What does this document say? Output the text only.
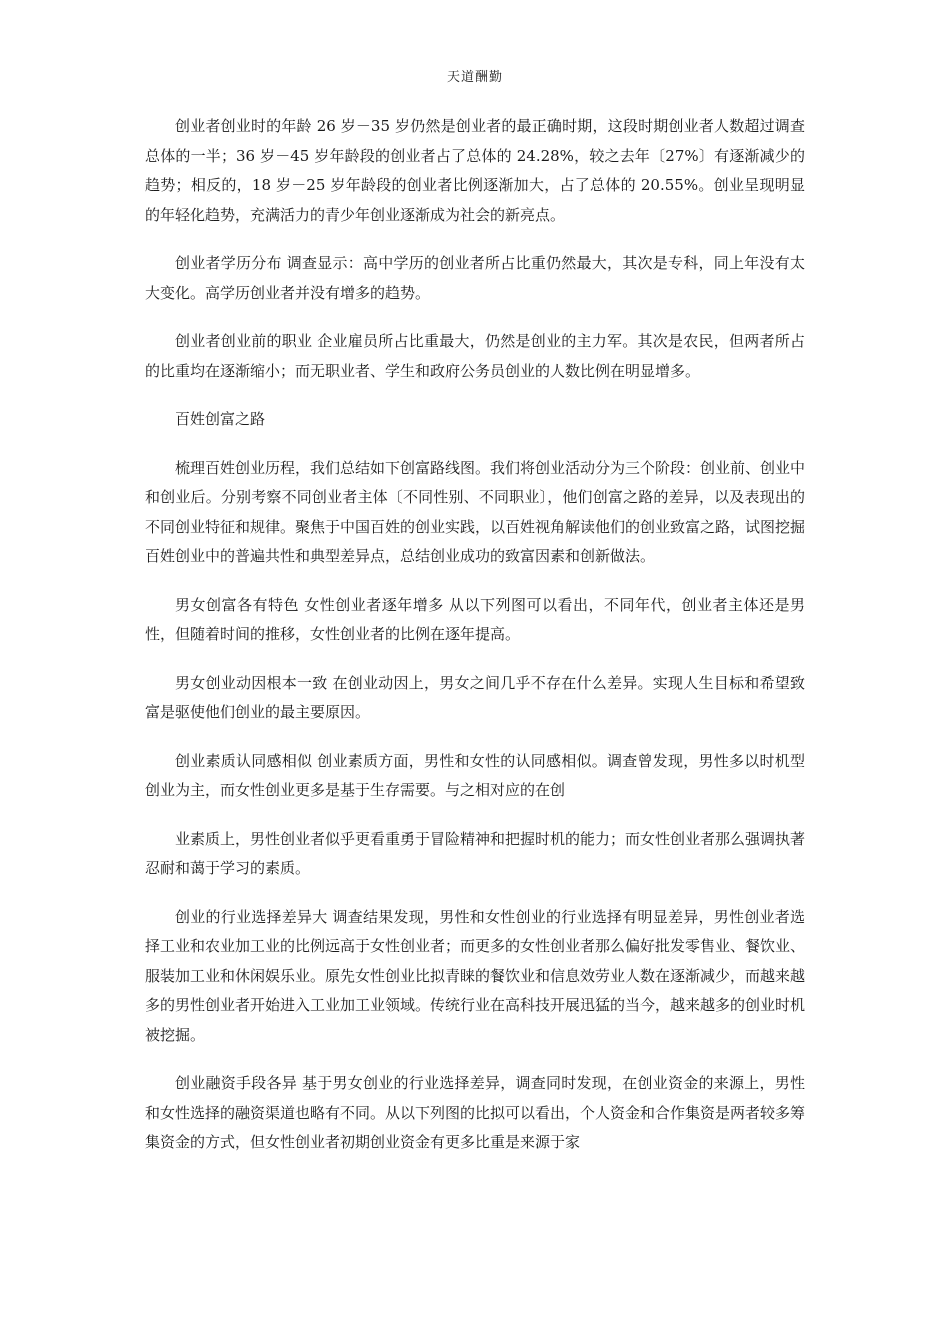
天道酬勤

创业者创业时的年龄 26 岁－35 岁仍然是创业者的最正确时期，这段时期创业者人数超过调查总体的一半；36 岁－45 岁年龄段的创业者占了总体的 24.28%，较之去年〔27%〕有逐渐减少的趋势；相反的，18 岁－25 岁年龄段的创业者比例逐渐加大，占了总体的 20.55%。创业呈现明显的年轻化趋势，充满活力的青少年创业逐渐成为社会的新亮点。

创业者学历分布 调查显示：高中学历的创业者所占比重仍然最大，其次是专科，同上年没有太大变化。高学历创业者并没有增多的趋势。

创业者创业前的职业 企业雇员所占比重最大，仍然是创业的主力军。其次是农民，但两者所占的比重均在逐渐缩小；而无职业者、学生和政府公务员创业的人数比例在明显增多。

百姓创富之路

梳理百姓创业历程，我们总结如下创富路线图。我们将创业活动分为三个阶段：创业前、创业中和创业后。分别考察不同创业者主体〔不同性别、不同职业〕，他们创富之路的差异，以及表现出的不同创业特征和规律。聚焦于中国百姓的创业实践，以百姓视角解读他们的创业致富之路，试图挖掘百姓创业中的普遍共性和典型差异点，总结创业成功的致富因素和创新做法。

男女创富各有特色 女性创业者逐年增多 从以下列图可以看出，不同年代，创业者主体还是男性，但随着时间的推移，女性创业者的比例在逐年提高。

男女创业动因根本一致 在创业动因上，男女之间几乎不存在什么差异。实现人生目标和希望致富是驱使他们创业的最主要原因。

创业素质认同感相似 创业素质方面，男性和女性的认同感相似。调查曾发现，男性多以时机型创业为主，而女性创业更多是基于生存需要。与之相对应的在创

业素质上，男性创业者似乎更看重勇于冒险精神和把握时机的能力；而女性创业者那么强调执著忍耐和蔼于学习的素质。

创业的行业选择差异大 调查结果发现，男性和女性创业的行业选择有明显差异，男性创业者选择工业和农业加工业的比例远高于女性创业者；而更多的女性创业者那么偏好批发零售业、餐饮业、服装加工业和休闲娱乐业。原先女性创业比拟青睐的餐饮业和信息效劳业人数在逐渐减少，而越来越多的男性创业者开始进入工业加工业领域。传统行业在高科技开展迅猛的当今，越来越多的创业时机被挖掘。

创业融资手段各异 基于男女创业的行业选择差异，调查同时发现，在创业资金的来源上，男性和女性选择的融资渠道也略有不同。从以下列图的比拟可以看出，个人资金和合作集资是两者较多筹集资金的方式，但女性创业者初期创业资金有更多比重是来源于家
